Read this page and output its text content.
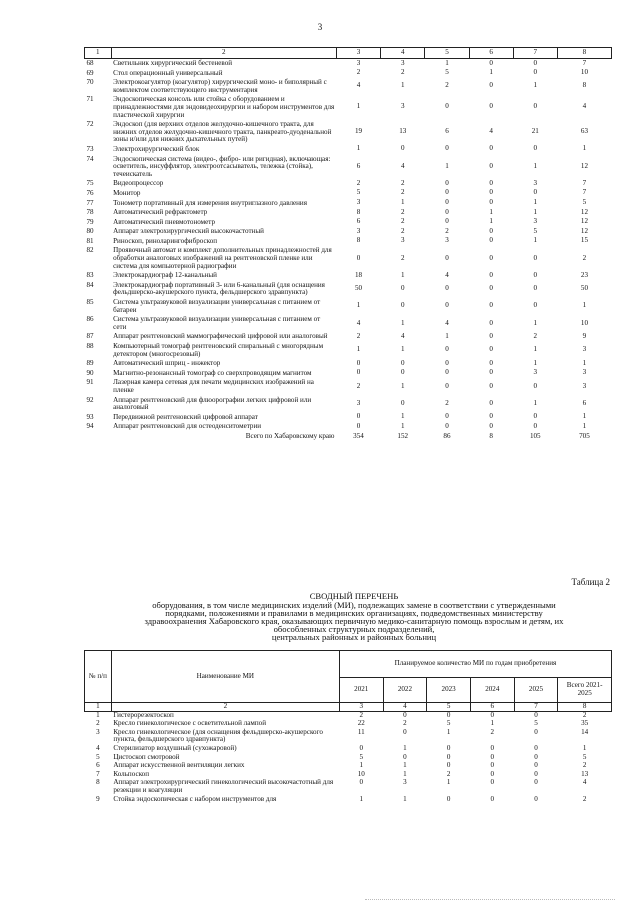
3
1	2	3	4	5	6	7	8
68	Светильник хирургический бестеневой	3	3	1	0	0	7
69	Стол операционный универсальный	2	2	5	1	0	10
70	Электрокоагулятор (коагулятор) хирургический моно- и биполярный с комплектом соответствующего инструментария	4	1	2	0	1	8
71	Эндоскопическая консоль или стойка с оборудованием и принадлежностями для эндовидеохирургии и набором инструментов для пластической хирургии	1	3	0	0	0	4
72	Эндоскоп (для верхних отделов желудочно-кишечного тракта, для нижних отделов желудочно-кишечного тракта, панкреато-дуоденальной зоны и/или для нижних дыхательных путей)	19	13	6	4	21	63
73	Электрохирургический блок	1	0	0	0	0	1
74	Эндоскопическая система (видео-, фибро- или ригидная), включающая: осветитель, инсуффлятор, электроотсасыватель, тележка (стойка), течеискатель	6	4	1	0	1	12
75	Видеопроцессор	2	2	0	0	3	7
76	Монитор	5	2	0	0	0	7
77	Тонометр портативный для измерения внутриглазного давления	3	1	0	0	1	5
78	Автоматический рефрактометр	8	2	0	1	1	12
79	Автоматический пневмотонометр	6	2	0	1	3	12
80	Аппарат электрохирургический высокочастотный	3	2	2	0	5	12
81	Риноскоп, риноларингофиброскоп	8	3	3	0	1	15
82	Проявочный автомат и комплект дополнительных принадлежностей для обработки аналоговых изображений на рентгеновской пленке или система для компьютерной радиографии	0	2	0	0	0	2
83	Электрокардиограф 12-канальный	18	1	4	0	0	23
84	Электрокардиограф портативный 3- или 6-канальный (для оснащения фельдшерско-акушерского пункта, фельдшерского здравпункта)	50	0	0	0	0	50
85	Система ультразвуковой визуализации универсальная с питанием от батареи	1	0	0	0	0	1
86	Система ультразвуковой визуализации универсальная с питанием от сети	4	1	4	0	1	10
87	Аппарат рентгеновский маммографический цифровой или аналоговый	2	4	1	0	2	9
88	Компьютерный томограф рентгеновский спиральный с многорядным детектором (многосрезовый)	1	1	0	0	1	3
89	Автоматический шприц - инжектор	0	0	0	0	1	1
90	Магнитно-резонансный томограф со сверхпроводящим магнитом	0	0	0	0	3	3
91	Лазерная камера сетевая для печати медицинских изображений на пленке	2	1	0	0	0	3
92	Аппарат рентгеновский для флюорографии легких цифровой или аналоговый	3	0	2	0	1	6
93	Передвижной рентгеновский цифровой аппарат	0	1	0	0	0	1
94	Аппарат рентгеновский для остеоденситометрии	0	1	0	0	0	1
	Всего по Хабаровскому краю	354	152	86	8	105	705
Таблица 2
СВОДНЫЙ ПЕРЕЧЕНЬ
оборудования, в том числе медицинских изделий (МИ), подлежащих замене в соответствии с утвержденными
порядками, положениями и правилами в медицинских организациях, подведомственных министерству
здравоохранения Хабаровского края, оказывающих первичную медико-санитарную помощь взрослым и детям, их
обособленных структурных подразделений,
центральных районных и районных больниц
№ п/п	Наименование МИ	Планируемое количество МИ по годам приобретения					
		2021	2022	2023	2024	2025	Всего 2021-2025
1	2	3	4	5	6	7	8
1	Гистерорезектоскоп	2	0	0	0	0	2
2	Кресло гинекологическое с осветительной лампой	22	2	5	1	5	35
3	Кресло гинекологическое (для оснащения фельдшерско-акушерского пункта, фельдшерского здравпункта)	11	0	1	2	0	14
4	Стерилизатор воздушный (сухожаровой)	0	1	0	0	0	1
5	Цистоскоп смотровой	5	0	0	0	0	5
6	Аппарат искусственной вентиляции легких	1	1	0	0	0	2
7	Кольпоскоп	10	1	2	0	0	13
8	Аппарат электрохирургический гинекологический высокочастотный для резекции и коагуляции	0	3	1	0	0	4
9	Стойка эндоскопическая с набором инструментов для	1	1	0	0	0	2
